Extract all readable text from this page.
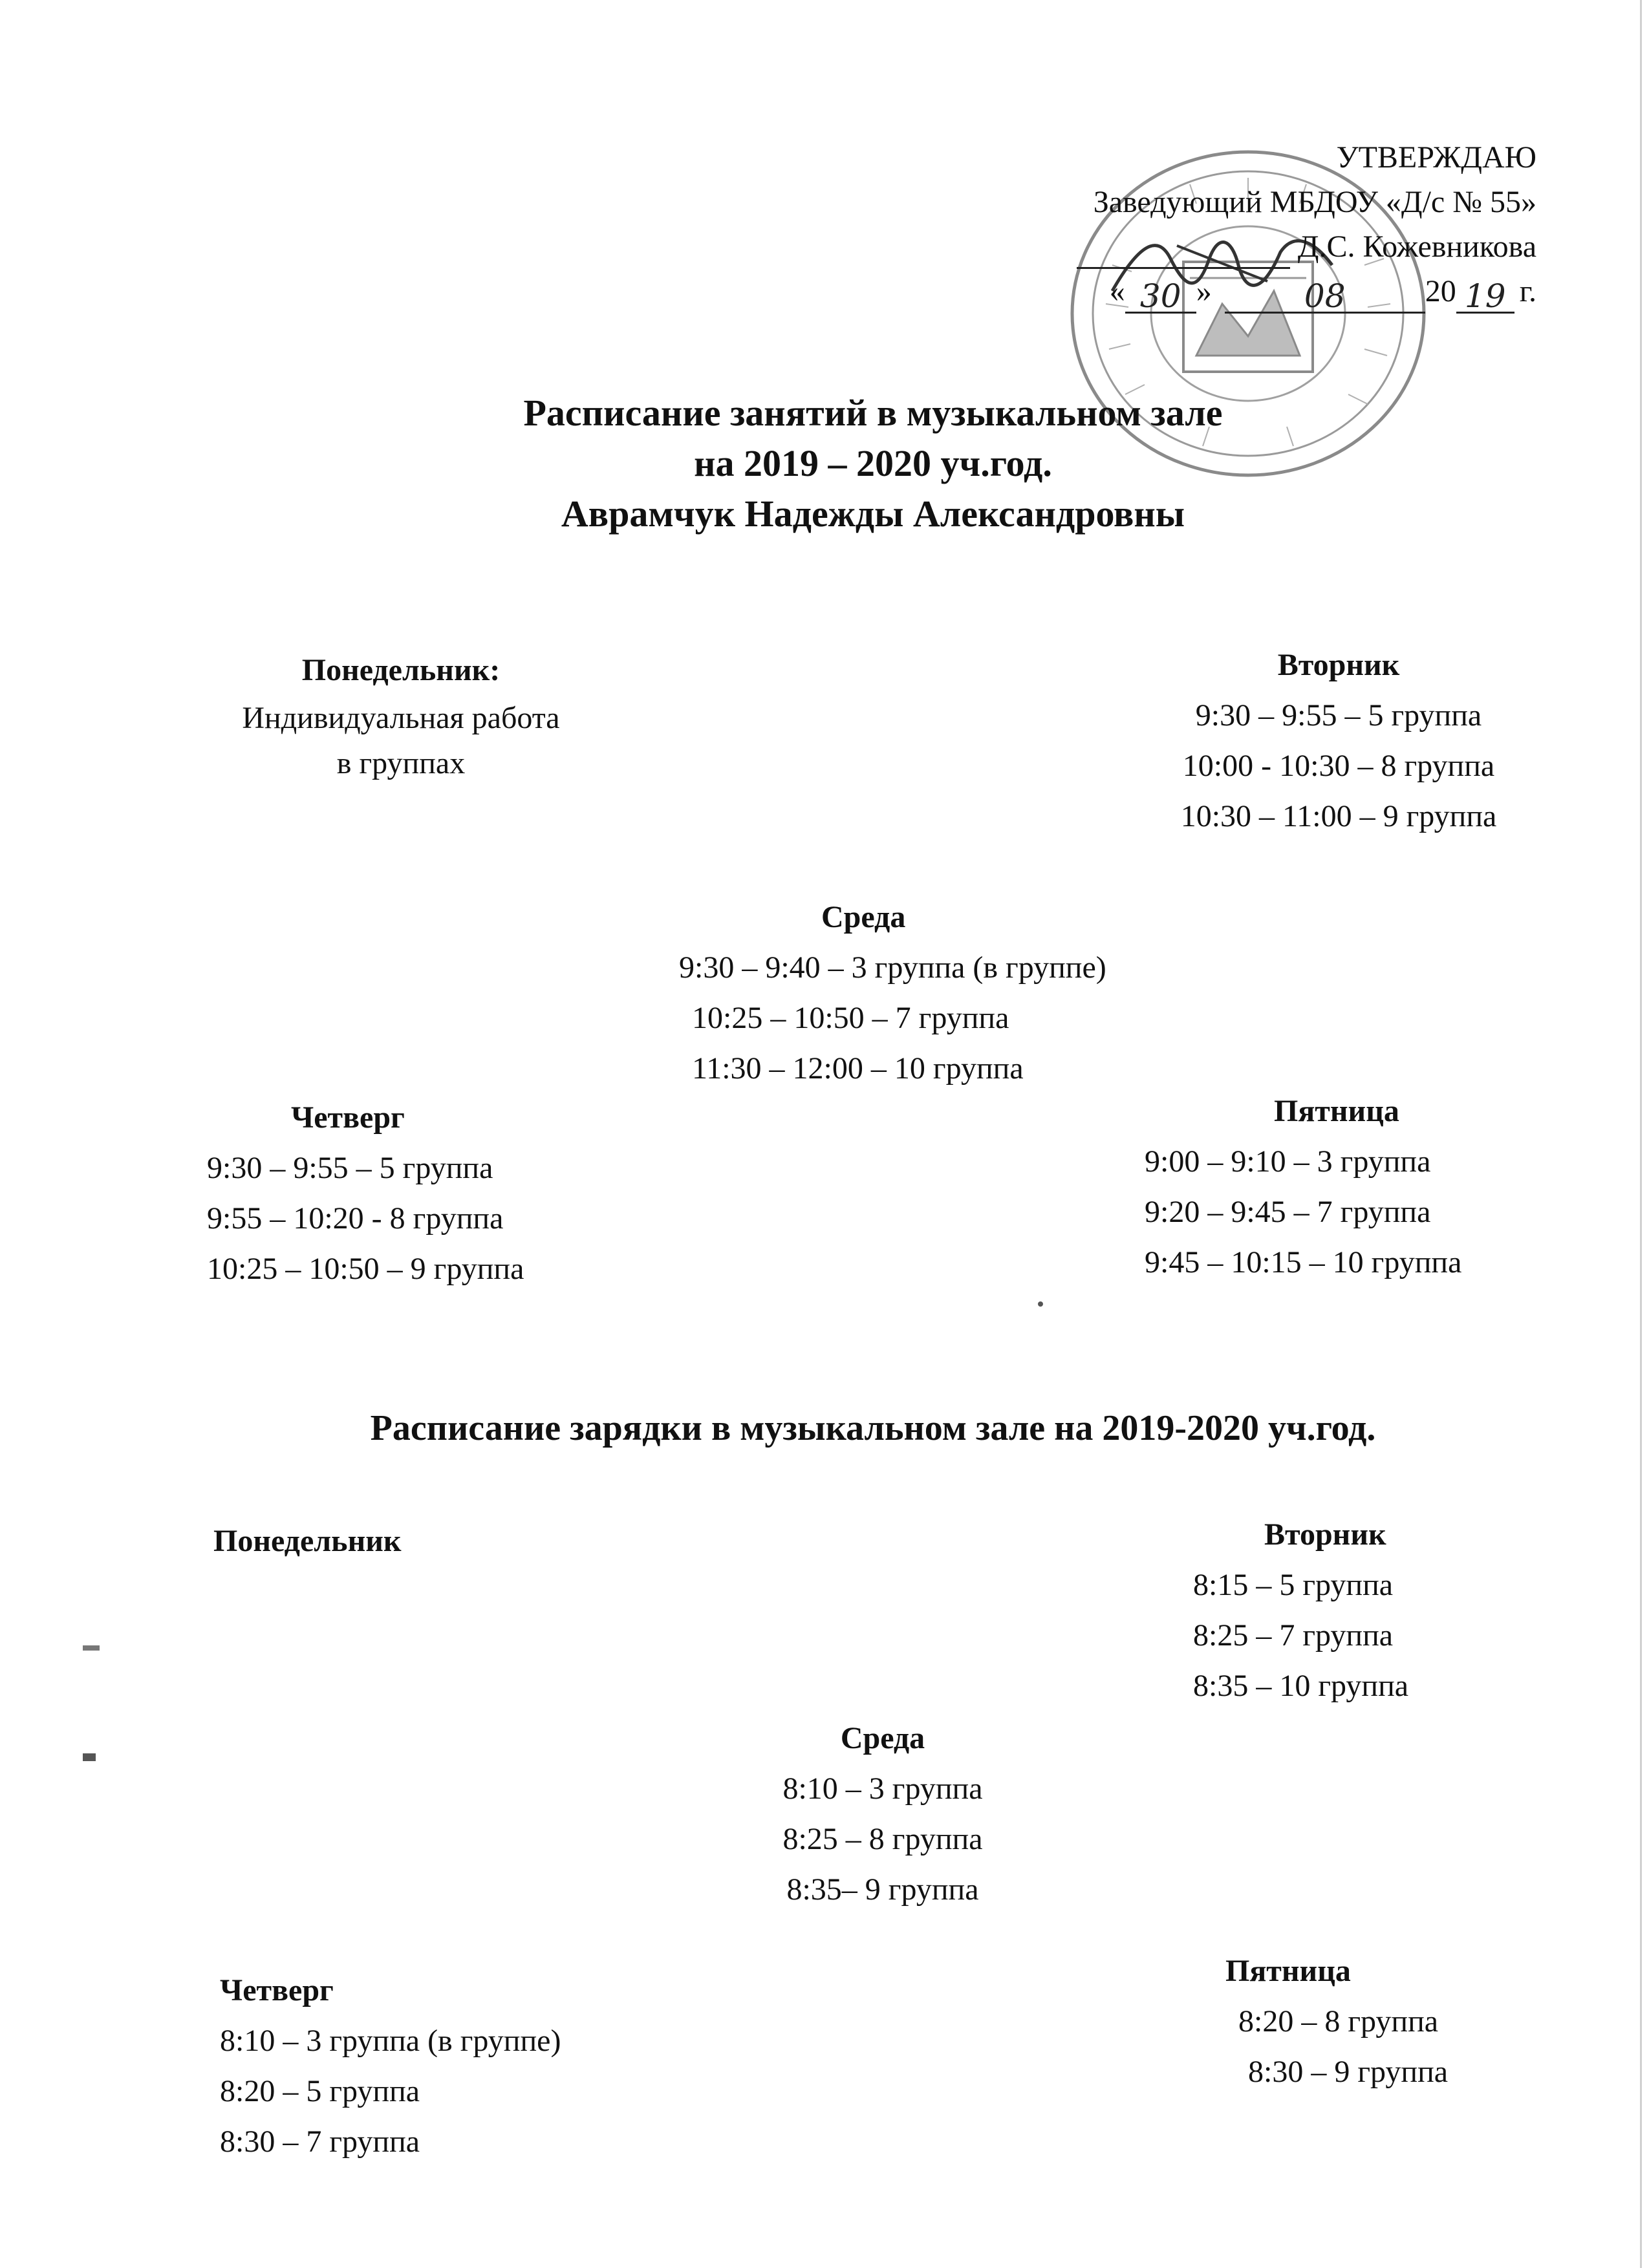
УТВЕРЖДАЮ
Заведующий МБДОУ «Д/с № 55»
Д.С. Кожевникова
« 30 »	08	20 19 г.
Расписание занятий в музыкальном зале
на 2019 – 2020 уч.год.
Аврамчук Надежды Александровны
Понедельник:
Индивидуальная работа
в группах
Вторник
9:30 – 9:55 – 5 группа
10:00 - 10:30 – 8 группа
10:30 – 11:00 – 9 группа
Среда
9:30 – 9:40 – 3 группа (в группе)
10:25 – 10:50 – 7 группа
11:30 – 12:00 – 10 группа
Четверг
9:30 – 9:55 – 5 группа
9:55 – 10:20 - 8 группа
10:25 – 10:50 – 9 группа
Пятница
9:00 – 9:10 – 3 группа
9:20 – 9:45 – 7 группа
9:45 – 10:15 – 10 группа
Расписание зарядки в музыкальном зале на 2019-2020 уч.год.
Понедельник	Вторник
8:15 – 5 группа
8:25 – 7 группа
8:35 – 10 группа
Среда
8:10 – 3 группа
8:25 – 8 группа
8:35– 9 группа
Четверг
8:10 – 3 группа (в группе)
8:20 – 5 группа
8:30 – 7 группа
Пятница
8:20 – 8 группа
8:30 – 9 группа
